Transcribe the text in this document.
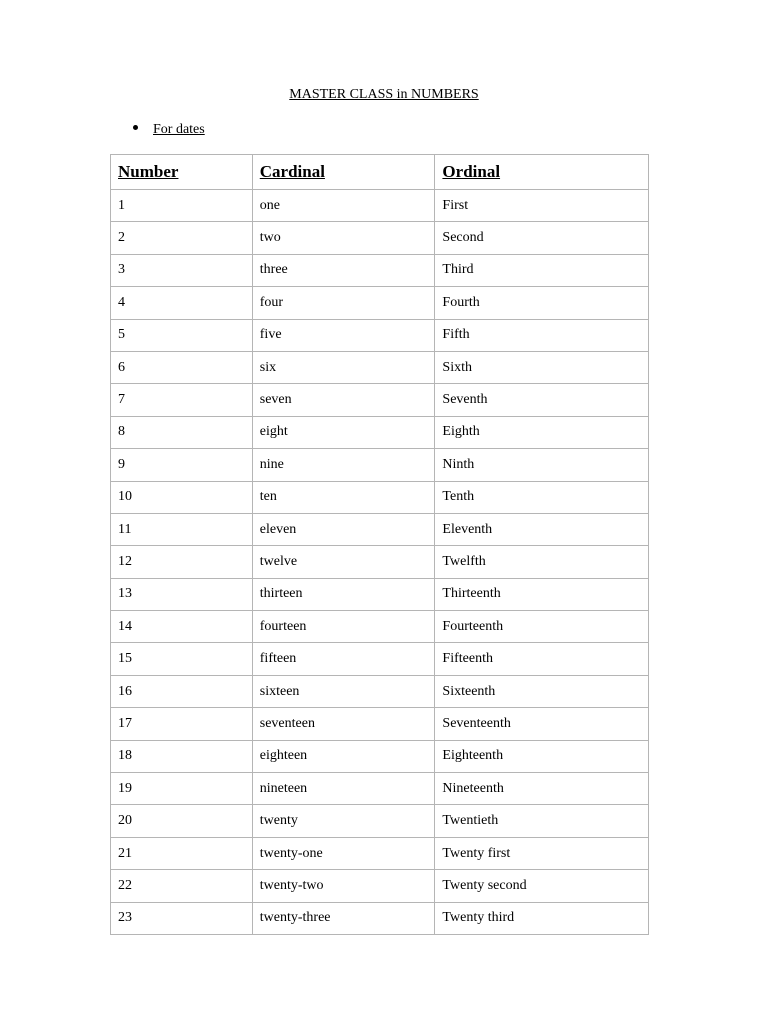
MASTER CLASS in NUMBERS
For dates
Number	Cardinal	Ordinal
1	one	First
2	two	Second
3	three	Third
4	four	Fourth
5	five	Fifth
6	six	Sixth
7	seven	Seventh
8	eight	Eighth
9	nine	Ninth
10	ten	Tenth
11	eleven	Eleventh
12	twelve	Twelfth
13	thirteen	Thirteenth
14	fourteen	Fourteenth
15	fifteen	Fifteenth
16	sixteen	Sixteenth
17	seventeen	Seventeenth
18	eighteen	Eighteenth
19	nineteen	Nineteenth
20	twenty	Twentieth
21	twenty-one	Twenty first
22	twenty-two	Twenty second
23	twenty-three	Twenty third
